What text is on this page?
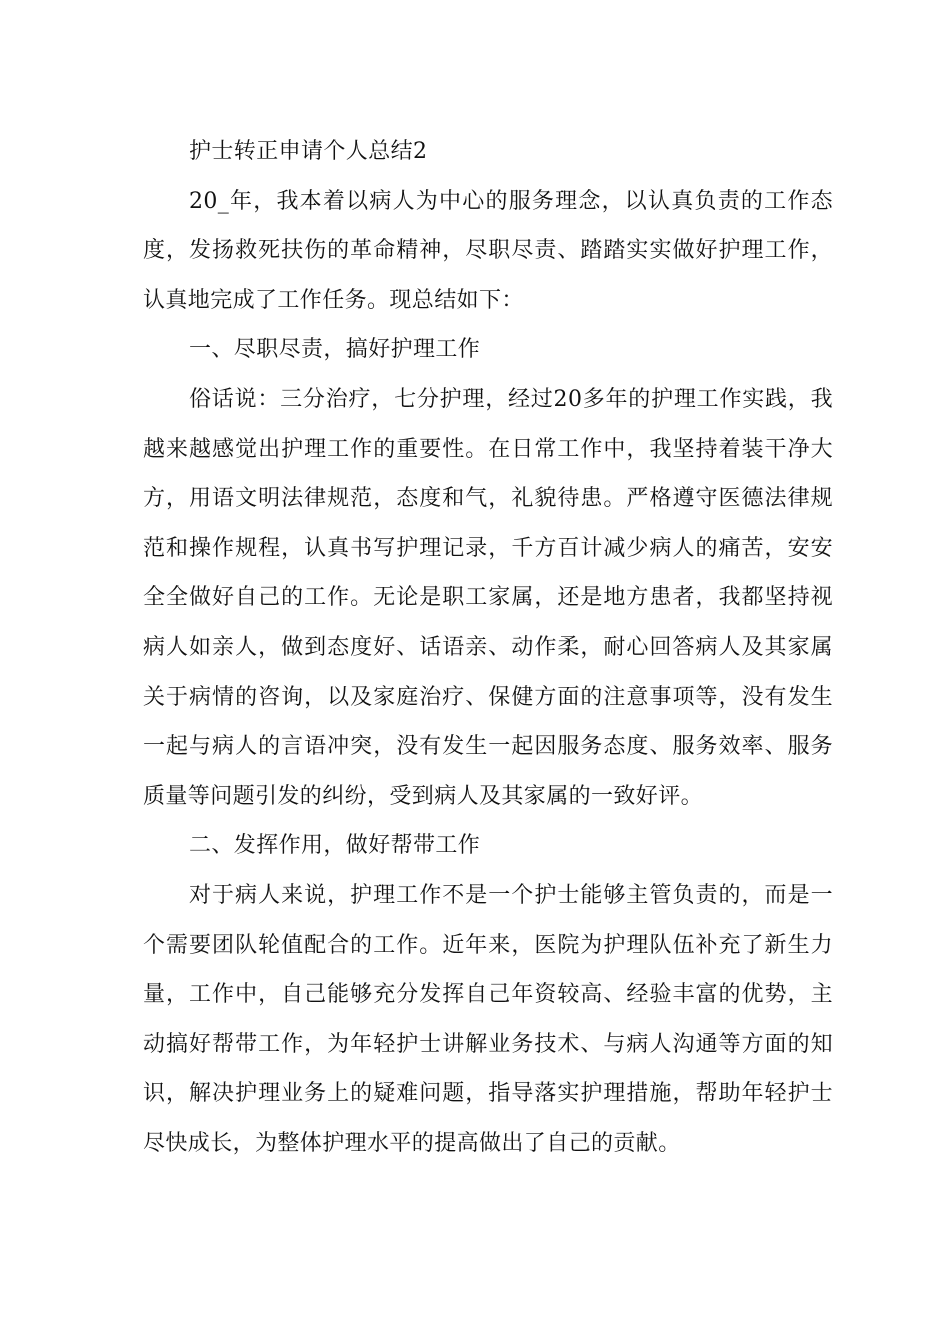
护士转正申请个人总结2

20_年，我本着以病人为中心的服务理念，以认真负责的工作态度，发扬救死扶伤的革命精神，尽职尽责、踏踏实实做好护理工作，认真地完成了工作任务。现总结如下：

一、尽职尽责，搞好护理工作

俗话说：三分治疗，七分护理，经过20多年的护理工作实践，我越来越感觉出护理工作的重要性。在日常工作中，我坚持着装干净大方，用语文明法律规范，态度和气，礼貌待患。严格遵守医德法律规范和操作规程，认真书写护理记录，千方百计减少病人的痛苦，安安全全做好自己的工作。无论是职工家属，还是地方患者，我都坚持视病人如亲人，做到态度好、话语亲、动作柔，耐心回答病人及其家属关于病情的咨询，以及家庭治疗、保健方面的注意事项等，没有发生一起与病人的言语冲突，没有发生一起因服务态度、服务效率、服务质量等问题引发的纠纷，受到病人及其家属的一致好评。

二、发挥作用，做好帮带工作

对于病人来说，护理工作不是一个护士能够主管负责的，而是一个需要团队轮值配合的工作。近年来，医院为护理队伍补充了新生力量，工作中，自己能够充分发挥自己年资较高、经验丰富的优势，主动搞好帮带工作，为年轻护士讲解业务技术、与病人沟通等方面的知识，解决护理业务上的疑难问题，指导落实护理措施，帮助年轻护士尽快成长，为整体护理水平的提高做出了自己的贡献。
